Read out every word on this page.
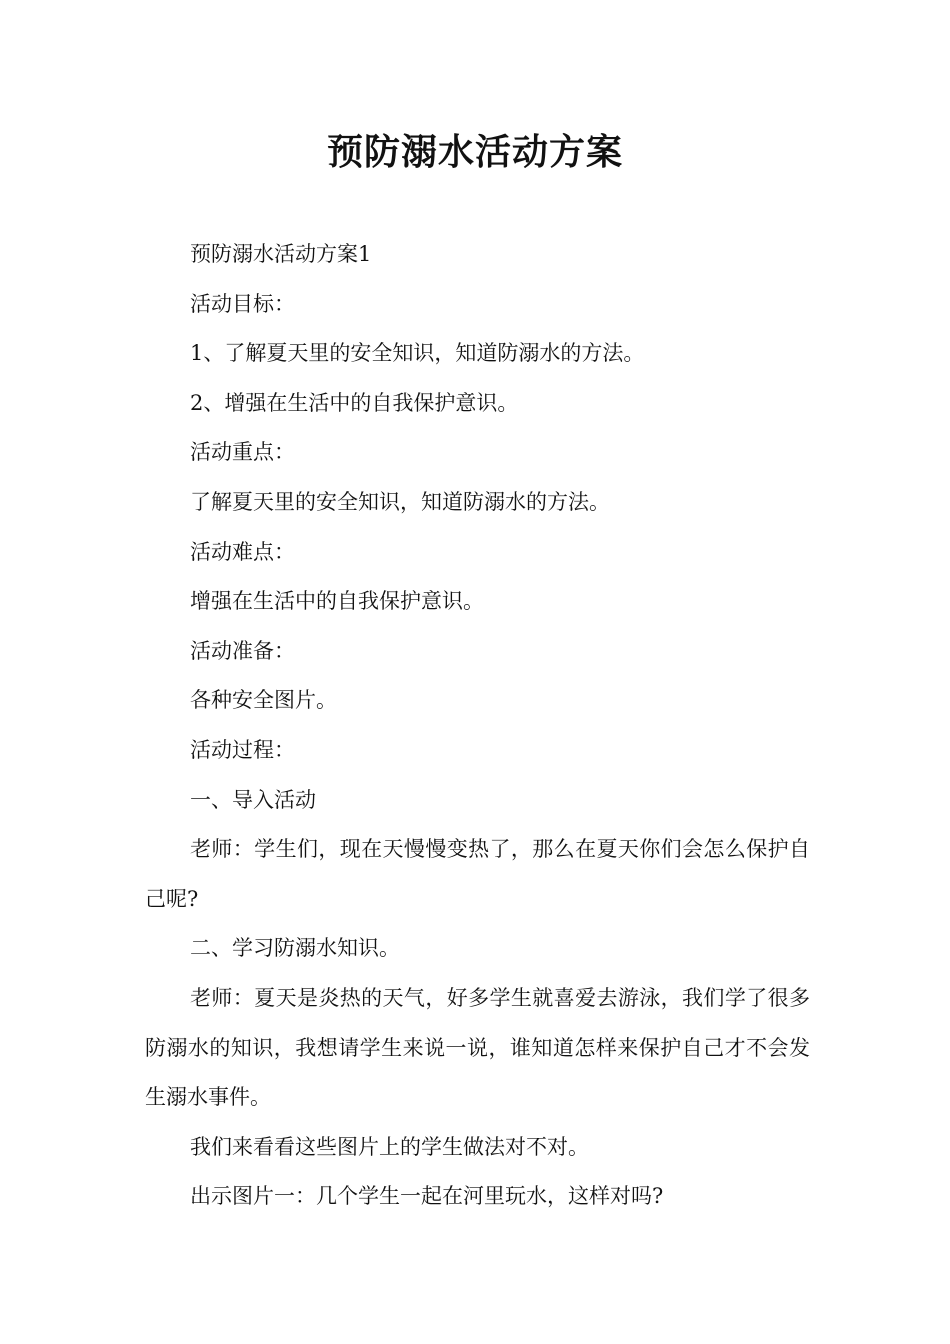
预防溺水活动方案

预防溺水活动方案1

活动目标：

1、了解夏天里的安全知识，知道防溺水的方法。

2、增强在生活中的自我保护意识。

活动重点：

了解夏天里的安全知识，知道防溺水的方法。

活动难点：

增强在生活中的自我保护意识。

活动准备：

各种安全图片。

活动过程：

一、导入活动

老师：学生们，现在天慢慢变热了，那么在夏天你们会怎么保护自己呢?

二、学习防溺水知识。

老师：夏天是炎热的天气，好多学生就喜爱去游泳，我们学了很多防溺水的知识，我想请学生来说一说，谁知道怎样来保护自己才不会发生溺水事件。

我们来看看这些图片上的学生做法对不对。

出示图片一：几个学生一起在河里玩水，这样对吗?
